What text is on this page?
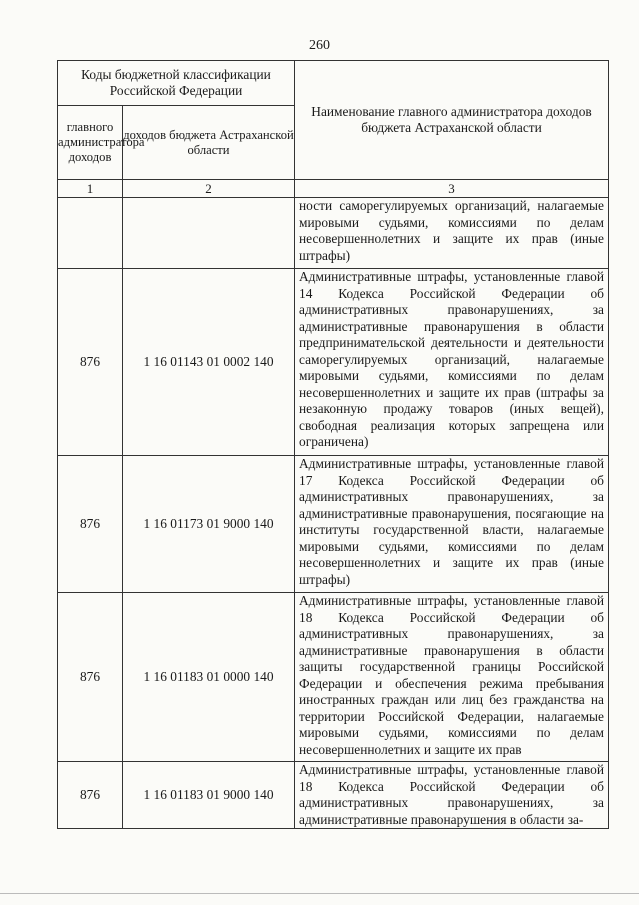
260
Коды бюджетной классификации Российской Федерации		Наименование главного администратора доходов бюджета Астраханской области
главного администратора доходов	доходов бюджета Астраханской области	
1	2	3
		ности саморегулируемых организаций, налагаемые мировыми судьями, комиссиями по делам несовершеннолетних и защите их прав (иные штрафы)
876	1 16 01143 01 0002 140	Административные штрафы, установленные главой 14 Кодекса Российской Федерации об административных правонарушениях, за административные правонарушения в области предпринимательской деятельности и деятельности саморегулируемых организаций, налагаемые мировыми судьями, комиссиями по делам несовершеннолетних и защите их прав (штрафы за незаконную продажу товаров (иных вещей), свободная реализация которых запрещена или ограничена)
876	1 16 01173 01 9000 140	Административные штрафы, установленные главой 17 Кодекса Российской Федерации об административных правонарушениях, за административные правонарушения, посягающие на институты государственной власти, налагаемые мировыми судьями, комиссиями по делам несовершеннолетних и защите их прав (иные штрафы)
876	1 16 01183 01 0000 140	Административные штрафы, установленные главой 18 Кодекса Российской Федерации об административных правонарушениях, за административные правонарушения в области защиты государственной границы Российской Федерации и обеспечения режима пребывания иностранных граждан или лиц без гражданства на территории Российской Федерации, налагаемые мировыми судьями, комиссиями по делам несовершеннолетних и защите их прав
876	1 16 01183 01 9000 140	Административные штрафы, установленные главой 18 Кодекса Российской Федерации об административных правонарушениях, за административные правонарушения в области за-
